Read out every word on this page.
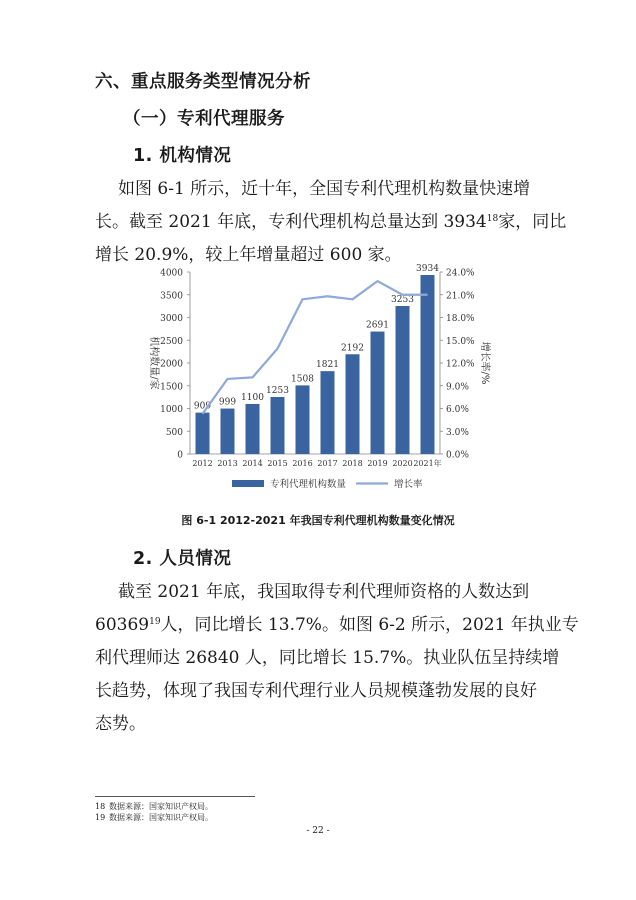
六、重点服务类型情况分析
（一）专利代理服务
1. 机构情况
如图 6-1 所示，近十年，全国专利代理机构数量快速增
长。截至 2021 年底，专利代理机构总量达到 3934$^{18}$家，同比
增长 20.9%，较上年增量超过 600 家。
0
500
1000
1500
2000
2500
3000
3500
4000
0.0%
3.0%
6.0%
9.0%
12.0%
15.0%
18.0%
21.0%
24.0%
机构数量/家	增长率/%
2012
909
2013
999
2014
1100
2015
1253
2016
1508
2017
1821
2018
2192
2019
2691
2020
3253
2021年
3934
专利代理机构数量	增长率
图 6-1 2012-2021 年我国专利代理机构数量变化情况
2. 人员情况
截至 2021 年底，我国取得专利代理师资格的人数达到
60369$^{19}$人，同比增长 13.7%。如图 6-2 所示，2021 年执业专
利代理师达 26840 人，同比增长 15.7%。执业队伍呈持续增
长趋势，体现了我国专利代理行业人员规模蓬勃发展的良好
态势。
18 数据来源：国家知识产权局。
19 数据来源：国家知识产权局。
- 22 -
